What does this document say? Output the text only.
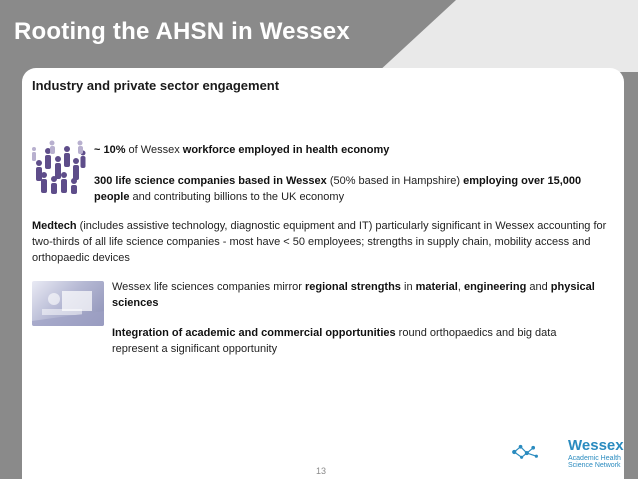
Rooting the AHSN in Wessex
Industry and private sector engagement
~ 10% of Wessex workforce employed in health economy
300 life science companies based in Wessex (50% based in Hampshire) employing over 15,000 people and contributing billions to the UK economy
Medtech (includes assistive technology, diagnostic equipment and IT) particularly significant in Wessex accounting for two-thirds of all life science companies - most have < 50 employees; strengths in supply chain, mobility access and orthopaedic devices
Wessex life sciences companies mirror regional strengths in material, engineering and physical sciences
Integration of academic and commercial opportunities round orthopaedics and big data represent a significant opportunity
13
Wessex
Academic Health Science Network
